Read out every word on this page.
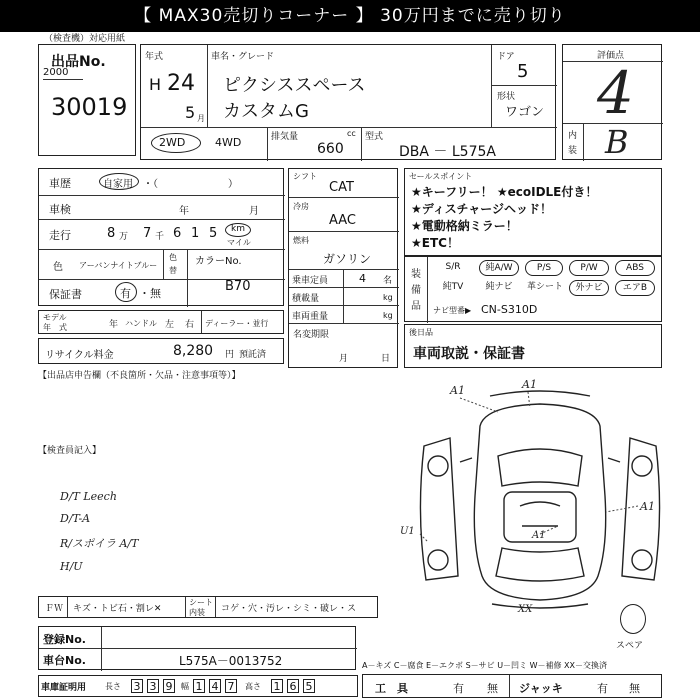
【 MAX30売切りコーナー 】 30万円までに売り切り
（検査機）対応用紙
出品No.
2000
30019
年式
H 24
5 月
車名・グレード
ピクシススペース
カスタムG
ドア
5
形状
ワゴン
2WD	4WD	排気量	cc
660
型式
DBA － L575A
評価点
4
内
装 B
車歴	自家用 ・（　　　　　　　）
車検	年	月
走行	8 万 7 千 6 1 5 km
マイル
色 アーバンナイトブルー
色
替
カラーNo.
B70
保証書	有 ・無
モデル
年　式	年 ハンドル 左 右 ディーラー・並行
リサイクル料金	8,280 円 預託済
シフト
CAT
冷房
AAC
燃料
ガソリン
乗車定員	4 名
積載量	kg
車両重量	kg
名変期限
月	日
セールスポイント
★キーフリー！ ★ecoIDLE付き！
★ディスチャージヘッド！
★電動格納ミラー！
★ETC！
装
備
品
S/R	純A/W	P/S	P/W	ABS
純TV	純ナビ	革シート	外ナビ	エアB
ナビ型番▶ CN-S310D
後日品
車両取説・保証書
【出品店申告欄（不良箇所・欠品・注意事項等）】
【検査員記入】
D/T Leech
D/T-A
R/スポイラ A/T
H/U
A1	A1
A1
A1
U1
XX
スペア
ＦＷ キズ・トビ石・割レ✕
シート
内装 コゲ・穴・汚レ・シミ・破レ・ス
登録No.
車台No.	L575A－0013752	A－キズ C－腐食 E－エクボ S－サビ U－凹ミ W－補修 XX－交換済
車庫証明用 長さ 3 3 9	幅 1 4 7	高さ 1 6 5	工　具	有 無 ジャッキ	有 無
